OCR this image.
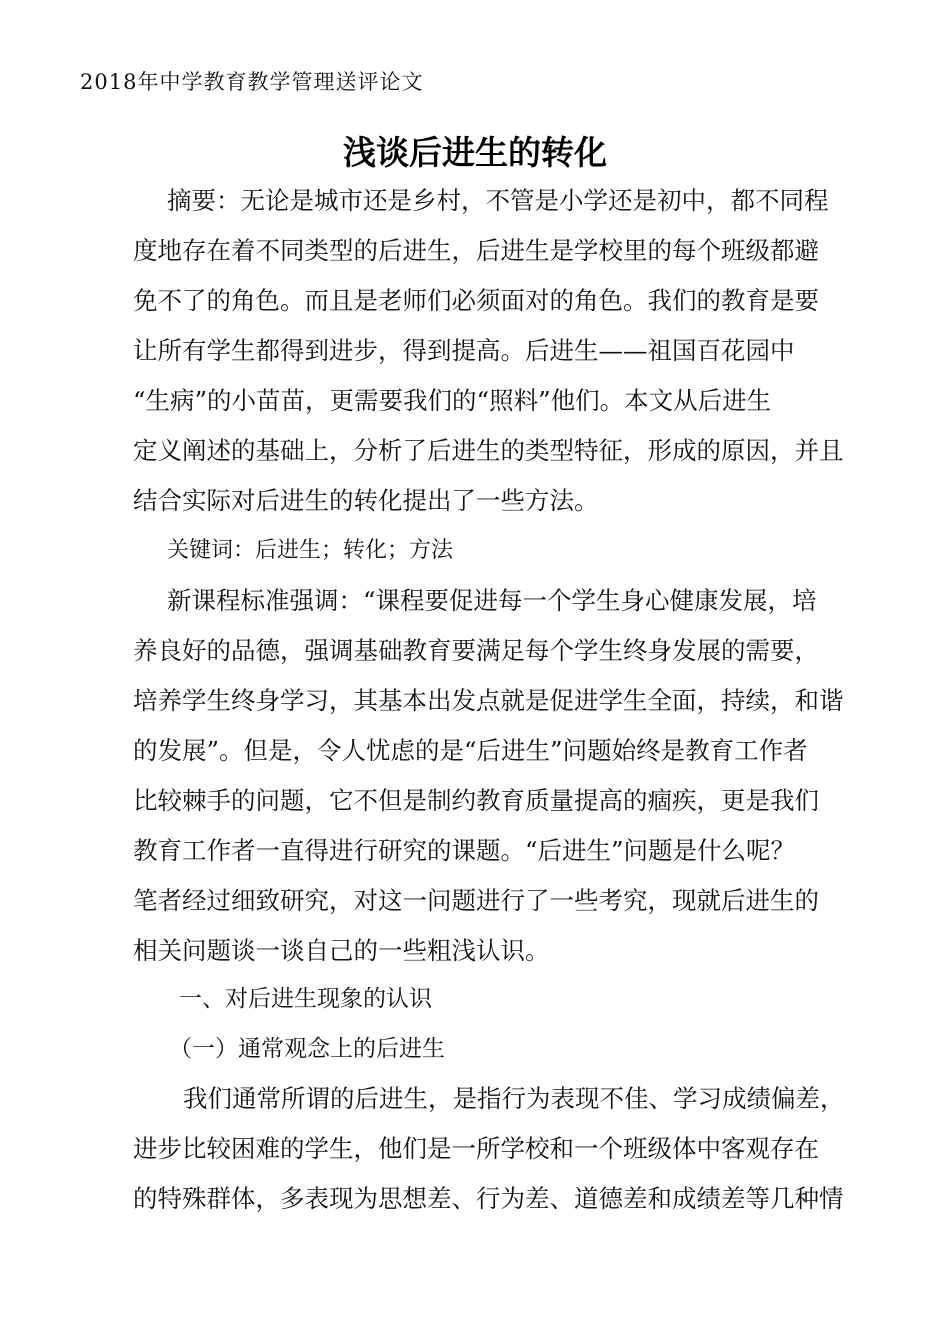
2018年中学教育教学管理送评论文
浅谈后进生的转化

摘要：无论是城市还是乡村，不管是小学还是初中，都不同程

度地存在着不同类型的后进生，后进生是学校里的每个班级都避

免不了的角色。而且是老师们必须面对的角色。我们的教育是要

让所有学生都得到进步，得到提高。后进生——祖国百花园中

“生病”的小苗苗，更需要我们的“照料”他们。本文从后进生

定义阐述的基础上，分析了后进生的类型特征，形成的原因，并且

结合实际对后进生的转化提出了一些方法。

关键词：后进生；转化；方法

新课程标准强调：“课程要促进每一个学生身心健康发展，培

养良好的品德，强调基础教育要满足每个学生终身发展的需要，

培养学生终身学习，其基本出发点就是促进学生全面，持续，和谐

的发展”。但是，令人忧虑的是“后进生”问题始终是教育工作者

比较棘手的问题，它不但是制约教育质量提高的痼疾，更是我们

教育工作者一直得进行研究的课题。“后进生”问题是什么呢？

笔者经过细致研究，对这一问题进行了一些考究，现就后进生的

相关问题谈一谈自己的一些粗浅认识。

一、对后进生现象的认识

（一）通常观念上的后进生

我们通常所谓的后进生，是指行为表现不佳、学习成绩偏差，

进步比较困难的学生，他们是一所学校和一个班级体中客观存在

的特殊群体，多表现为思想差、行为差、道德差和成绩差等几种情
